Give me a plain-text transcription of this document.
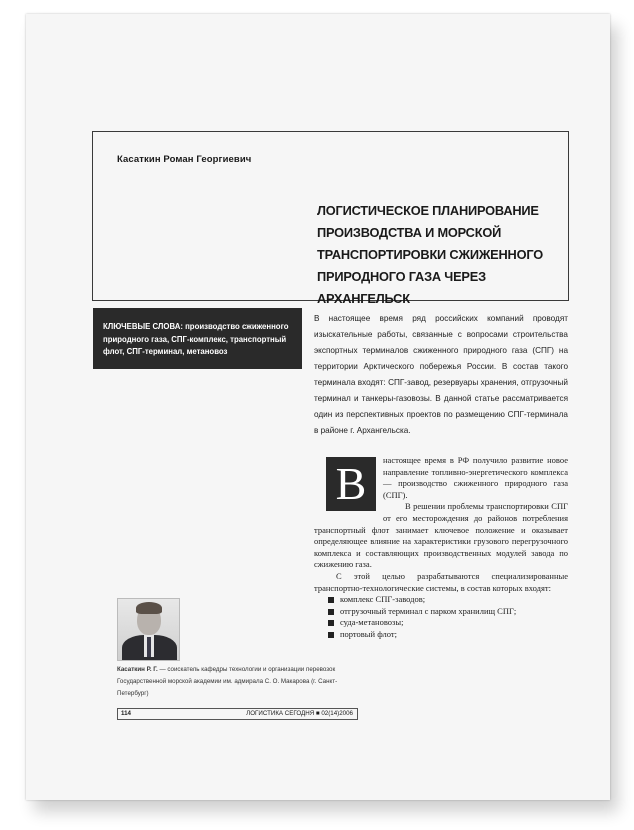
Касаткин Роман Георгиевич

ЛОГИСТИЧЕСКОЕ ПЛАНИРОВАНИЕ ПРОИЗВОДСТВА И МОРСКОЙ ТРАНСПОРТИРОВКИ СЖИЖЕННОГО ПРИРОДНОГО ГАЗА ЧЕРЕЗ АРХАНГЕЛЬСК
КЛЮЧЕВЫЕ СЛОВА: производство сжиженного природного газа, СПГ-комплекс, транспортный флот, СПГ-терминал, метановоз

В настоящее время ряд российских компаний проводят изыскательные работы, связанные с вопросами строительства экспортных терминалов сжиженного природного газа (СПГ) на территории Арктического побережья России. В состав такого терминала входят: СПГ-завод, резервуары хранения, отгрузочный терминал и танкеры-газовозы. В данной статье рассматривается один из перспективных проектов по размещению СПГ-терминала в районе г. Архангельска.

В	настоящее время в РФ получило развитие новое направление топливно-энергетического комплекса — производство сжиженного природного газа (СПГ).

В решении проблемы транспортировки СПГ от его месторождения до районов потребления транспортный флот занимает ключевое положение и оказывает определяющее влияние на характеристики грузового перегрузочного комплекса и составляющих производственных модулей завода по сжижению газа.

С этой целью разрабатываются специализированные транспортно-технологические системы, в состав которых входят:

комплекс СПГ-заводов;
отгрузочный терминал с парком хранилищ СПГ;
суда-метановозы;
портовый флот;

Касаткин Р. Г. — соискатель кафедры технологии и организации перевозок Государственной морской академии им. адмирала С. О. Макарова (г. Санкт-Петербург)

114	ЛОГИСТИКА СЕГОДНЯ ■ 02(14)2006
